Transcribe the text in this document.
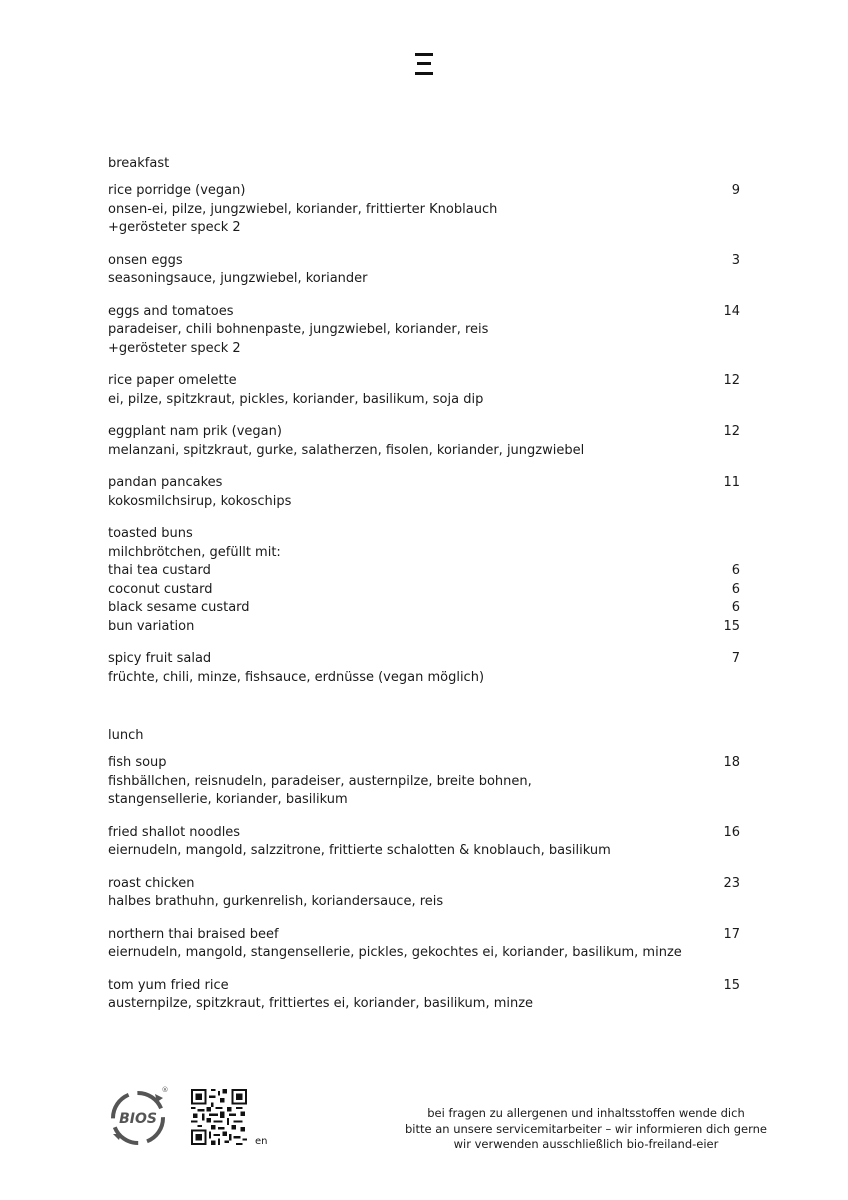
breakfast
rice porridge (vegan)	9
onsen-ei, pilze, jungzwiebel, koriander, frittierter Knoblauch
+gerösteter speck 2
onsen eggs	3
seasoningsauce, jungzwiebel, koriander
eggs and tomatoes	14
paradeiser, chili bohnenpaste, jungzwiebel, koriander, reis
+gerösteter speck 2
rice paper omelette	12
ei, pilze, spitzkraut, pickles, koriander, basilikum, soja dip
eggplant nam prik (vegan)	12
melanzani, spitzkraut, gurke, salatherzen, fisolen, koriander, jungzwiebel
pandan pancakes	11
kokosmilchsirup, kokoschips
toasted buns
milchbrötchen, gefüllt mit:
thai tea custard	6
coconut custard	6
black sesame custard	6
bun variation	15
spicy fruit salad	7
früchte, chili, minze, fishsauce, erdnüsse (vegan möglich)
lunch
fish soup	18
fishbällchen, reisnudeln, paradeiser, austernpilze, breite bohnen,
stangensellerie, koriander, basilikum
fried shallot noodles	16
eiernudeln, mangold, salzzitrone, frittierte schalotten & knoblauch, basilikum
roast chicken	23
halbes brathuhn, gurkenrelish, koriandersauce, reis
northern thai braised beef	17
eiernudeln, mangold, stangensellerie, pickles, gekochtes ei, koriander, basilikum, minze
tom yum fried rice	15
austernpilze, spitzkraut, frittiertes ei, koriander, basilikum, minze
BIOS
®
en
bei fragen zu allergenen und inhaltsstoffen wende dich
bitte an unsere servicemitarbeiter – wir informieren dich gerne
wir verwenden ausschließlich bio-freiland-eier
